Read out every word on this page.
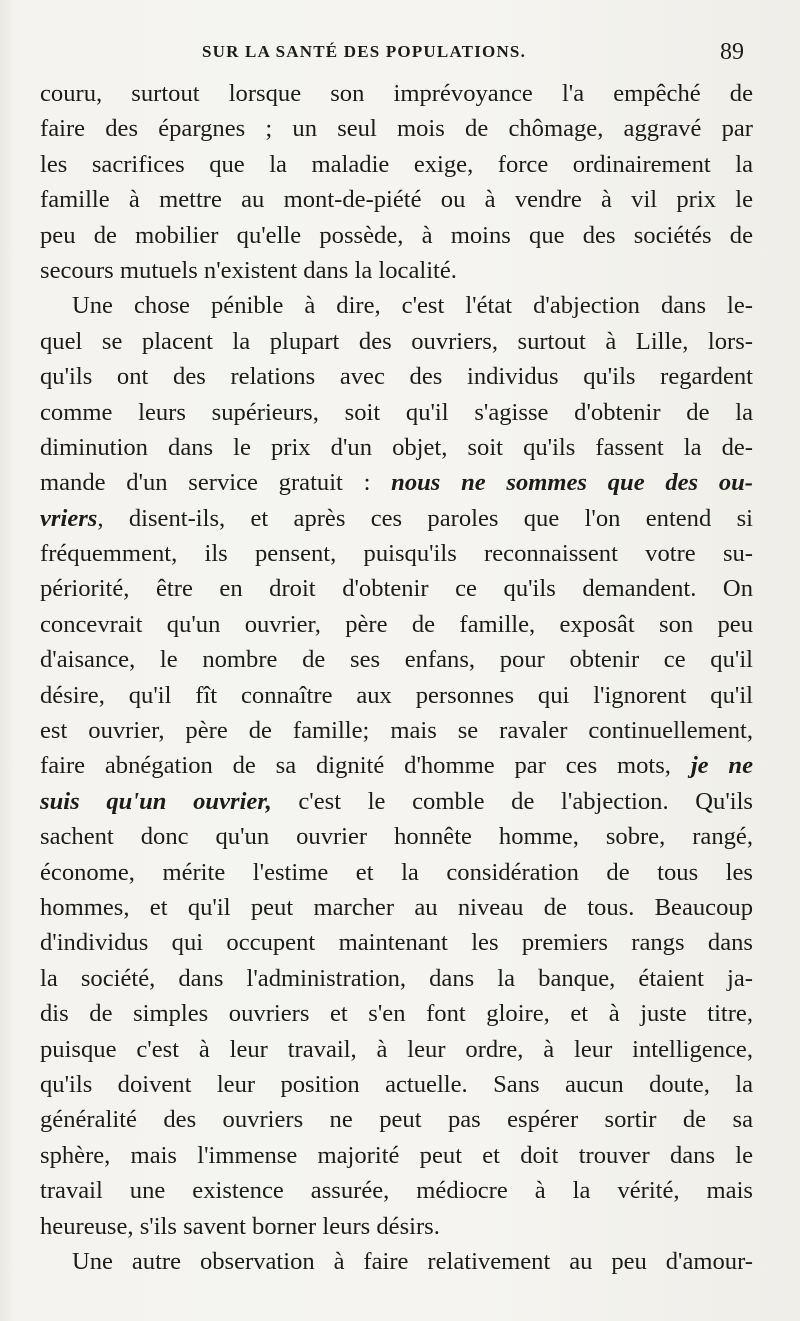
SUR LA SANTÉ DES POPULATIONS.	89
couru, surtout lorsque son imprévoyance l'a empêché de
faire des épargnes ; un seul mois de chômage, aggravé par
les sacrifices que la maladie exige, force ordinairement la
famille à mettre au mont-de-piété ou à vendre à vil prix le
peu de mobilier qu'elle possède, à moins que des sociétés de
secours mutuels n'existent dans la localité.
Une chose pénible à dire, c'est l'état d'abjection dans le-
quel se placent la plupart des ouvriers, surtout à Lille, lors-
qu'ils ont des relations avec des individus qu'ils regardent
comme leurs supérieurs, soit qu'il s'agisse d'obtenir de la
diminution dans le prix d'un objet, soit qu'ils fassent la de-
mande d'un service gratuit : nous ne sommes que des ou-
vriers, disent-ils, et après ces paroles que l'on entend si
fréquemment, ils pensent, puisqu'ils reconnaissent votre su-
périorité, être en droit d'obtenir ce qu'ils demandent. On
concevrait qu'un ouvrier, père de famille, exposât son peu
d'aisance, le nombre de ses enfans, pour obtenir ce qu'il
désire, qu'il fît connaître aux personnes qui l'ignorent qu'il
est ouvrier, père de famille; mais se ravaler continuellement,
faire abnégation de sa dignité d'homme par ces mots, je ne
suis qu'un ouvrier, c'est le comble de l'abjection. Qu'ils
sachent donc qu'un ouvrier honnête homme, sobre, rangé,
économe, mérite l'estime et la considération de tous les
hommes, et qu'il peut marcher au niveau de tous. Beaucoup
d'individus qui occupent maintenant les premiers rangs dans
la société, dans l'administration, dans la banque, étaient ja-
dis de simples ouvriers et s'en font gloire, et à juste titre,
puisque c'est à leur travail, à leur ordre, à leur intelligence,
qu'ils doivent leur position actuelle. Sans aucun doute, la
généralité des ouvriers ne peut pas espérer sortir de sa
sphère, mais l'immense majorité peut et doit trouver dans le
travail une existence assurée, médiocre à la vérité, mais
heureuse, s'ils savent borner leurs désirs.
Une autre observation à faire relativement au peu d'amour-
